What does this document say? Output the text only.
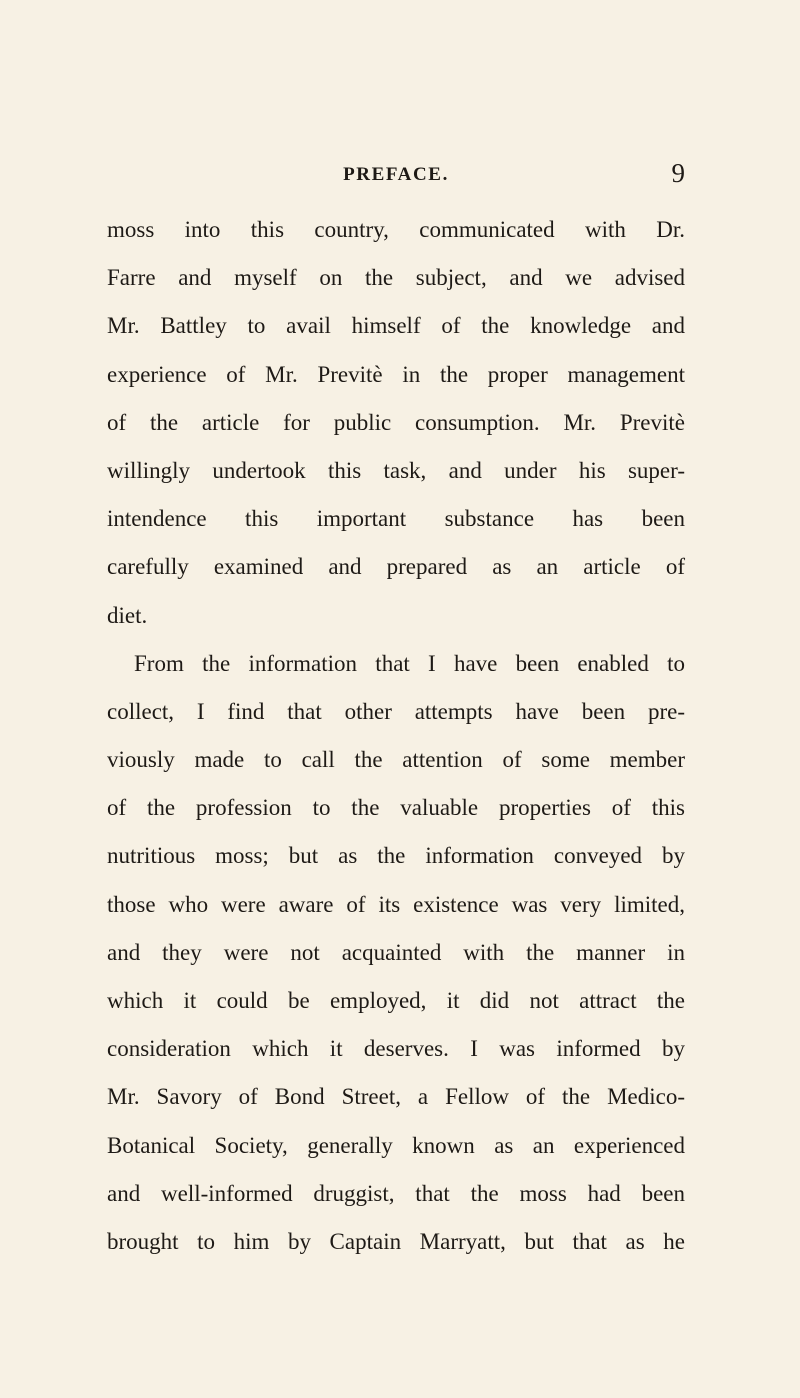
PREFACE.	9
moss into this country, communicated with Dr.
Farre and myself on the subject, and we advised
Mr. Battley to avail himself of the knowledge and
experience of Mr. Previtè in the proper management
of the article for public consumption. Mr. Previtè
willingly undertook this task, and under his super-
intendence this important substance has been
carefully examined and prepared as an article of
diet.
From the information that I have been enabled to
collect, I find that other attempts have been pre-
viously made to call the attention of some member
of the profession to the valuable properties of this
nutritious moss; but as the information conveyed by
those who were aware of its existence was very limited,
and they were not acquainted with the manner in
which it could be employed, it did not attract the
consideration which it deserves. I was informed by
Mr. Savory of Bond Street, a Fellow of the Medico-
Botanical Society, generally known as an experienced
and well-informed druggist, that the moss had been
brought to him by Captain Marryatt, but that as he
